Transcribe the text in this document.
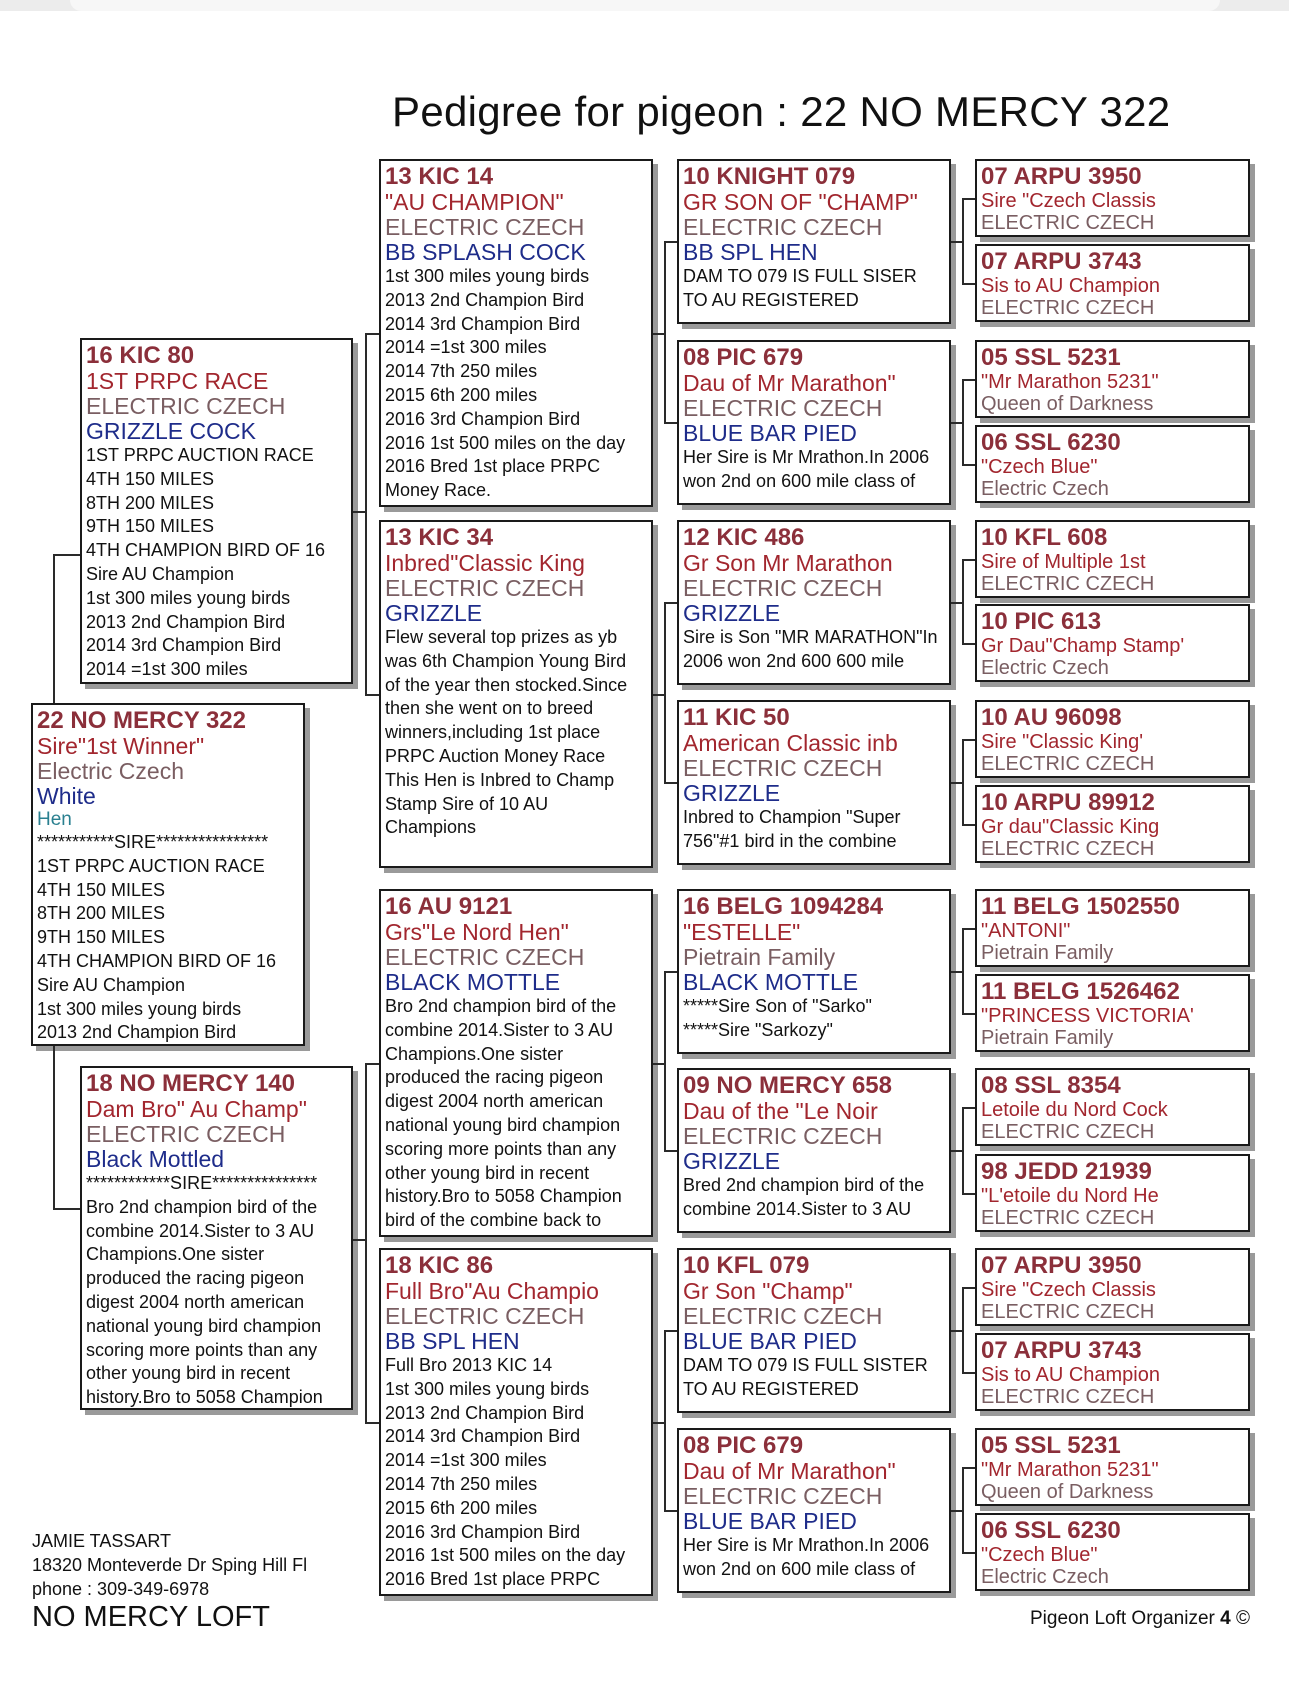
Pedigree for pigeon : 22 NO MERCY 322
22 NO MERCY 322
Sire"1st Winner"
Electric Czech
White
Hen
***********SIRE****************
1ST PRPC AUCTION RACE
4TH 150 MILES
8TH 200 MILES
9TH 150 MILES
4TH CHAMPION BIRD OF 16
Sire AU Champion
1st 300 miles young birds
2013 2nd Champion Bird
16 KIC 80
1ST PRPC RACE
ELECTRIC CZECH
GRIZZLE COCK
1ST PRPC AUCTION RACE
4TH 150 MILES
8TH 200 MILES
9TH 150 MILES
4TH CHAMPION BIRD OF 16
Sire AU Champion
1st 300 miles young birds
2013 2nd Champion Bird
2014 3rd Champion Bird
2014 =1st 300 miles
18 NO MERCY 140
Dam Bro" Au Champ"
ELECTRIC CZECH
Black Mottled
************SIRE***************
Bro 2nd champion bird of the
combine 2014.Sister to 3 AU
Champions.One sister
produced the racing pigeon
digest 2004 north american
national young bird champion
scoring more points than any
other young bird in recent
history.Bro to 5058 Champion
13 KIC 14
"AU CHAMPION"
ELECTRIC CZECH
BB SPLASH COCK
1st 300 miles young birds
2013 2nd Champion Bird
2014 3rd Champion Bird
2014 =1st 300 miles
2014 7th 250 miles
2015 6th 200 miles
2016 3rd Champion Bird
2016 1st 500 miles on the day
2016 Bred 1st place PRPC
Money Race.
13 KIC 34
Inbred"Classic King
ELECTRIC CZECH
GRIZZLE
Flew several top prizes as yb
was 6th Champion Young Bird
of the year then stocked.Since
then she went on to breed
winners,including 1st place
PRPC Auction Money Race
This Hen is Inbred to Champ
Stamp Sire of 10 AU
Champions
16 AU 9121
Grs"Le Nord Hen"
ELECTRIC CZECH
BLACK MOTTLE
Bro 2nd champion bird of the
combine 2014.Sister to 3 AU
Champions.One sister
produced the racing pigeon
digest 2004 north american
national young bird champion
scoring more points than any
other young bird in recent
history.Bro to 5058 Champion
bird of the combine back to
18 KIC 86
Full Bro"Au Champio
ELECTRIC CZECH
BB SPL HEN
Full Bro 2013 KIC 14
1st 300 miles young birds
2013 2nd Champion Bird
2014 3rd Champion Bird
2014 =1st 300 miles
2014 7th 250 miles
2015 6th 200 miles
2016 3rd Champion Bird
2016 1st 500 miles on the day
2016 Bred 1st place PRPC
10 KNIGHT 079
GR SON OF "CHAMP"
ELECTRIC CZECH
BB SPL HEN
DAM TO 079 IS FULL SISER
TO AU REGISTERED
08 PIC 679
Dau of Mr Marathon"
ELECTRIC CZECH
BLUE BAR PIED
Her Sire is Mr Mrathon.In 2006
won 2nd on 600 mile class of
12 KIC 486
Gr Son Mr Marathon
ELECTRIC CZECH
GRIZZLE
Sire is Son "MR MARATHON"In
2006 won 2nd 600 600 mile
11 KIC 50
American Classic inb
ELECTRIC CZECH
GRIZZLE
Inbred to Champion "Super
756"#1 bird in the combine
16 BELG 1094284
"ESTELLE"
Pietrain Family
BLACK MOTTLE
*****Sire Son of "Sarko"
*****Sire "Sarkozy"
09 NO MERCY 658
Dau of the "Le Noir
ELECTRIC CZECH
GRIZZLE
Bred 2nd champion bird of the
combine 2014.Sister to 3 AU
10 KFL 079
Gr Son "Champ"
ELECTRIC CZECH
BLUE BAR PIED
DAM TO 079 IS FULL SISTER
TO AU REGISTERED
08 PIC 679
Dau of Mr Marathon"
ELECTRIC CZECH
BLUE BAR PIED
Her Sire is Mr Mrathon.In 2006
won 2nd on 600 mile class of
07 ARPU 3950
Sire "Czech Classis
ELECTRIC CZECH
07 ARPU 3743
Sis to AU Champion
ELECTRIC CZECH
05 SSL 5231
"Mr Marathon 5231"
Queen of Darkness
06 SSL 6230
"Czech Blue"
Electric Czech
10 KFL 608
Sire of Multiple 1st
ELECTRIC CZECH
10 PIC 613
Gr Dau"Champ Stamp'
Electric Czech
10 AU 96098
Sire "Classic King'
ELECTRIC CZECH
10 ARPU 89912
Gr dau"Classic King
ELECTRIC CZECH
11 BELG 1502550
"ANTONI"
Pietrain Family
11 BELG 1526462
"PRINCESS VICTORIA'
Pietrain Family
08 SSL 8354
Letoile du Nord Cock
ELECTRIC CZECH
98 JEDD 21939
"L'etoile du Nord He
ELECTRIC CZECH
07 ARPU 3950
Sire "Czech Classis
ELECTRIC CZECH
07 ARPU 3743
Sis to AU Champion
ELECTRIC CZECH
05 SSL 5231
"Mr Marathon 5231"
Queen of Darkness
06 SSL 6230
"Czech Blue"
Electric Czech
JAMIE TASSART
18320 Monteverde Dr Sping Hill Fl
phone : 309-349-6978
NO MERCY LOFT	Pigeon Loft Organizer 4 ©
